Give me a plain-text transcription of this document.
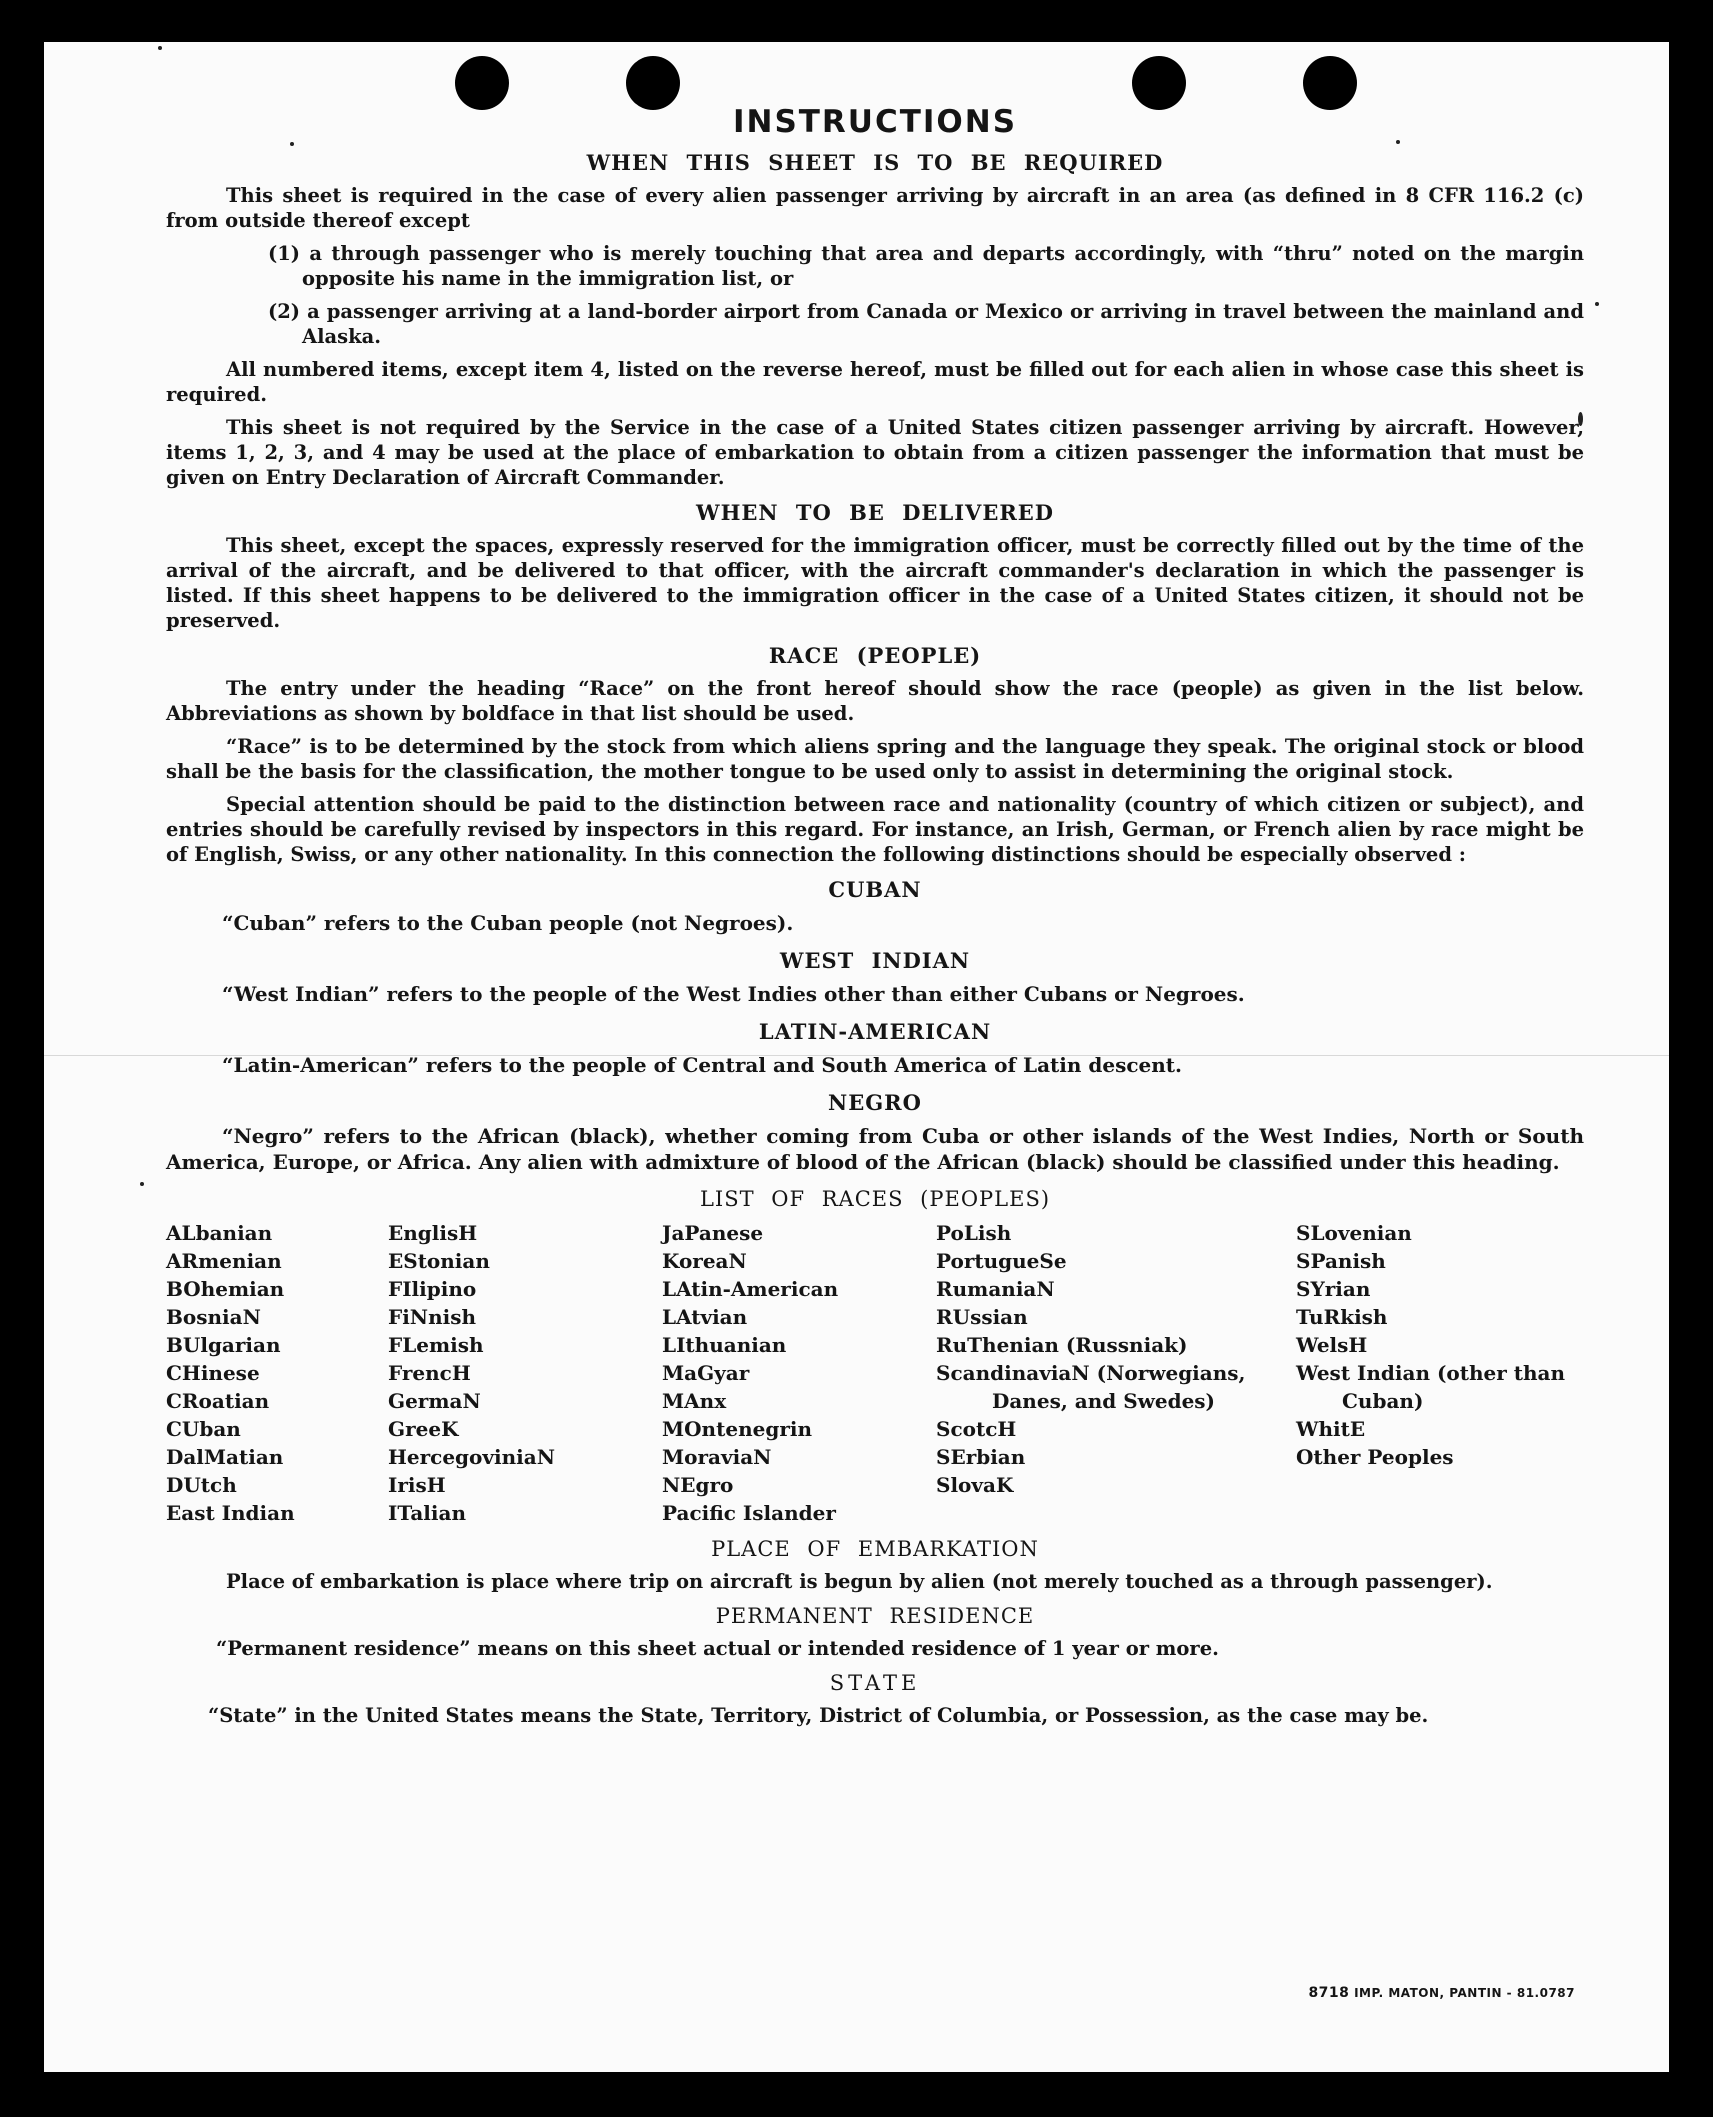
INSTRUCTIONS
WHEN THIS SHEET IS TO BE REQUIRED

This sheet is required in the case of every alien passenger arriving by aircraft in an area (as defined in 8 CFR 116.2 (c) from outside thereof except

(1) a through passenger who is merely touching that area and departs accordingly, with “thru” noted on the margin opposite his name in the immigration list, or

(2) a passenger arriving at a land-border airport from Canada or Mexico or arriving in travel between the mainland and Alaska.

All numbered items, except item 4, listed on the reverse hereof, must be filled out for each alien in whose case this sheet is required.

This sheet is not required by the Service in the case of a United States citizen passenger arriving by aircraft. However, items 1, 2, 3, and 4 may be used at the place of embarkation to obtain from a citizen passenger the information that must be given on Entry Declaration of Aircraft Commander.

WHEN TO BE DELIVERED

This sheet, except the spaces, expressly reserved for the immigration officer, must be correctly filled out by the time of the arrival of the aircraft, and be delivered to that officer, with the aircraft commander's declaration in which the passenger is listed. If this sheet happens to be delivered to the immigration officer in the case of a United States citizen, it should not be preserved.

RACE (PEOPLE)

The entry under the heading “Race” on the front hereof should show the race (people) as given in the list below. Abbreviations as shown by boldface in that list should be used.

“Race” is to be determined by the stock from which aliens spring and the language they speak. The original stock or blood shall be the basis for the classification, the mother tongue to be used only to assist in determining the original stock.

Special attention should be paid to the distinction between race and nationality (country of which citizen or subject), and entries should be carefully revised by inspectors in this regard. For instance, an Irish, German, or French alien by race might be of English, Swiss, or any other nationality. In this connection the following distinctions should be especially observed :

CUBAN

“Cuban” refers to the Cuban people (not Negroes).

WEST INDIAN

“West Indian” refers to the people of the West Indies other than either Cubans or Negroes.

LATIN-AMERICAN

“Latin-American” refers to the people of Central and South America of Latin descent.

NEGRO

“Negro” refers to the African (black), whether coming from Cuba or other islands of the West Indies, North or South America, Europe, or Africa. Any alien with admixture of blood of the African (black) should be classified under this heading.

LIST OF RACES (PEOPLES)
ALbanian
ARmenian
BOhemian
BosniaN
BUlgarian
CHinese
CRoatian
CUban
DalMatian
DUtch
East Indian
EnglisH
EStonian
FIlipino
FiNnish
FLemish
FrencH
GermaN
GreeK
HercegoviniaN
IrisH
ITalian
JaPanese
KoreaN
LAtin-American
LAtvian
LIthuanian
MaGyar
MAnx
MOntenegrin
MoraviaN
NEgro
Pacific Islander
PoLish
PortugueSe
RumaniaN
RUssian
RuThenian (Russniak)
ScandinaviaN (Norwegians, Danes, and Swedes)
ScotcH
SErbian
SlovaK
SLovenian
SPanish
SYrian
TuRkish
WelsH
West Indian (other than Cuban)
WhitE
Other Peoples
PLACE OF EMBARKATION

Place of embarkation is place where trip on aircraft is begun by alien (not merely touched as a through passenger).

PERMANENT RESIDENCE

“Permanent residence” means on this sheet actual or intended residence of 1 year or more.

STATE

“State” in the United States means the State, Territory, District of Columbia, or Possession, as the case may be.

8718 IMP. MATON, PANTIN - 81.0787
